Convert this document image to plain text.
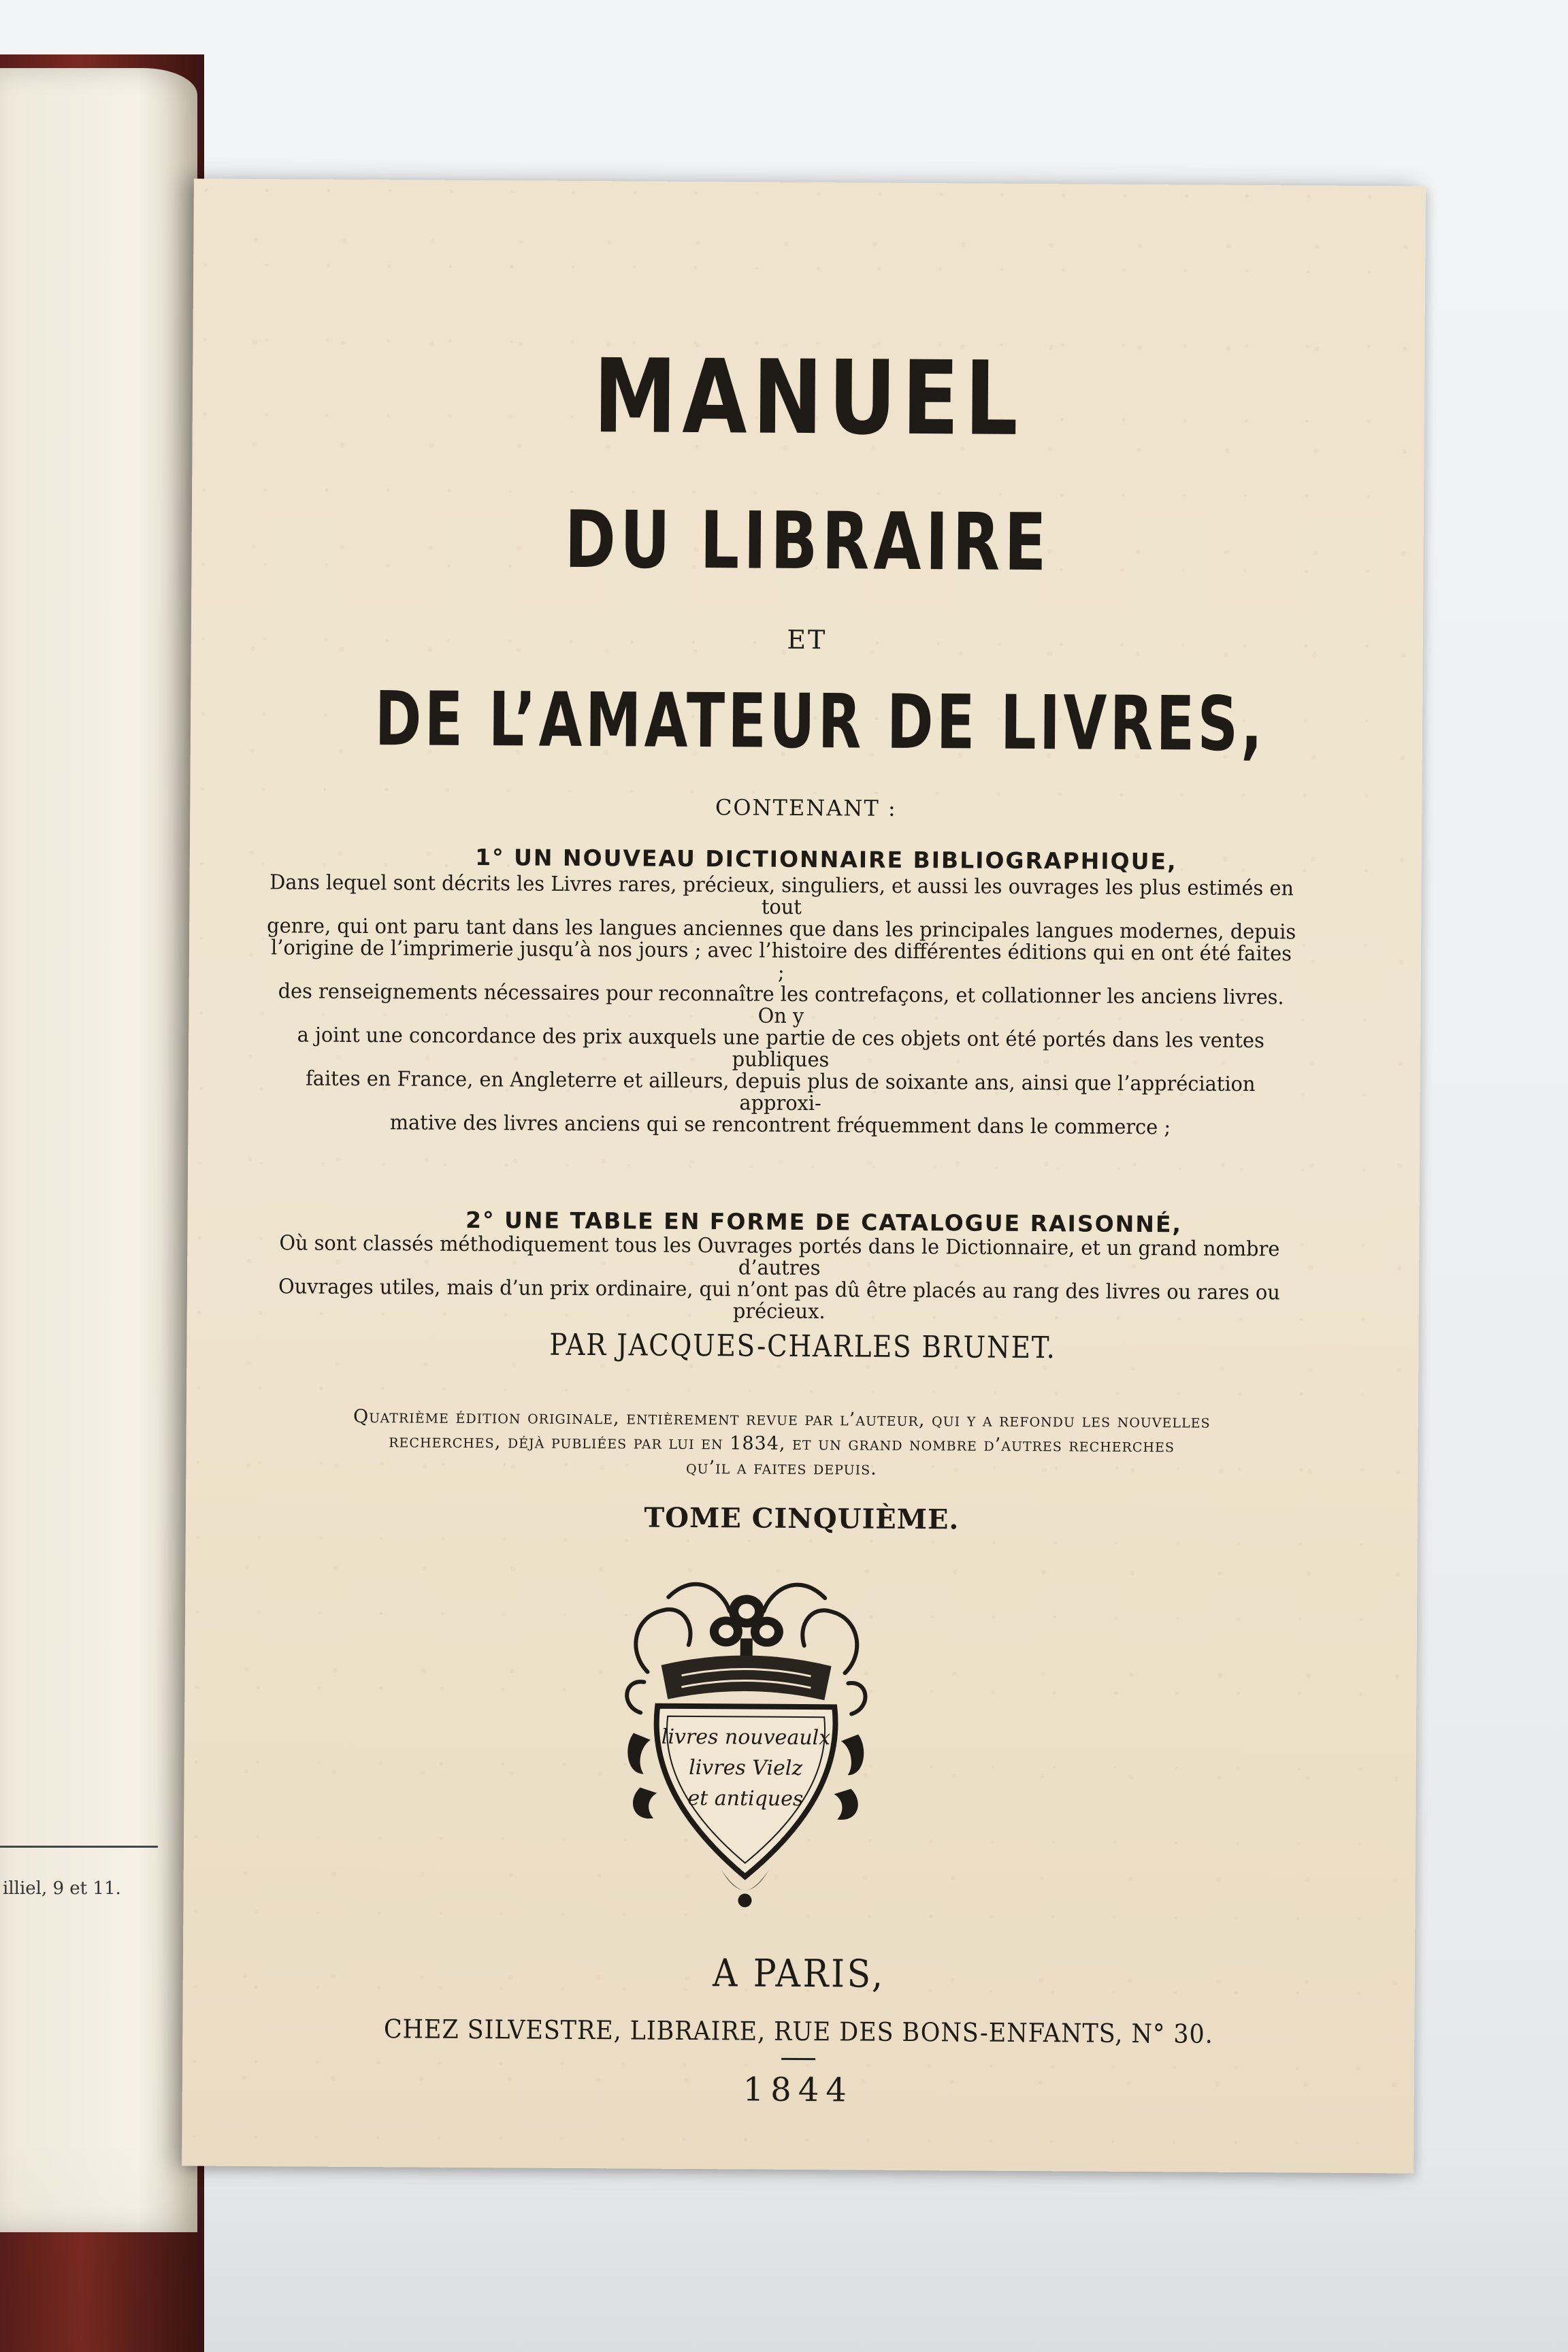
illiel, 9 et 11.
MANUEL
DU LIBRAIRE
ET
DE L’AMATEUR DE LIVRES,
CONTENANT :
1° UN NOUVEAU DICTIONNAIRE BIBLIOGRAPHIQUE,
Dans lequel sont décrits les Livres rares, précieux, singuliers, et aussi les ouvrages les plus estimés en tout
genre, qui ont paru tant dans les langues anciennes que dans les principales langues modernes, depuis
l’origine de l’imprimerie jusqu’à nos jours ; avec l’histoire des différentes éditions qui en ont été faites ;
des renseignements nécessaires pour reconnaître les contrefaçons, et collationner les anciens livres. On y
a joint une concordance des prix auxquels une partie de ces objets ont été portés dans les ventes publiques
faites en France, en Angleterre et ailleurs, depuis plus de soixante ans, ainsi que l’appréciation approxi-
mative des livres anciens qui se rencontrent fréquemment dans le commerce ;
2° UNE TABLE EN FORME DE CATALOGUE RAISONNÉ,
Où sont classés méthodiquement tous les Ouvrages portés dans le Dictionnaire, et un grand nombre d’autres
Ouvrages utiles, mais d’un prix ordinaire, qui n’ont pas dû être placés au rang des livres ou rares ou précieux.
PAR JACQUES-CHARLES BRUNET.
Quatrième édition originale, entièrement revue par l’auteur, qui y a refondu les nouvelles
recherches, déjà publiées par lui en 1834, et un grand nombre d’autres recherches
qu’il a faites depuis.
TOME CINQUIÈME.
livres nouveaulx
livres Vielz
et antiques
A PARIS,
CHEZ SILVESTRE, LIBRAIRE, RUE DES BONS-ENFANTS, N° 30.
1844
